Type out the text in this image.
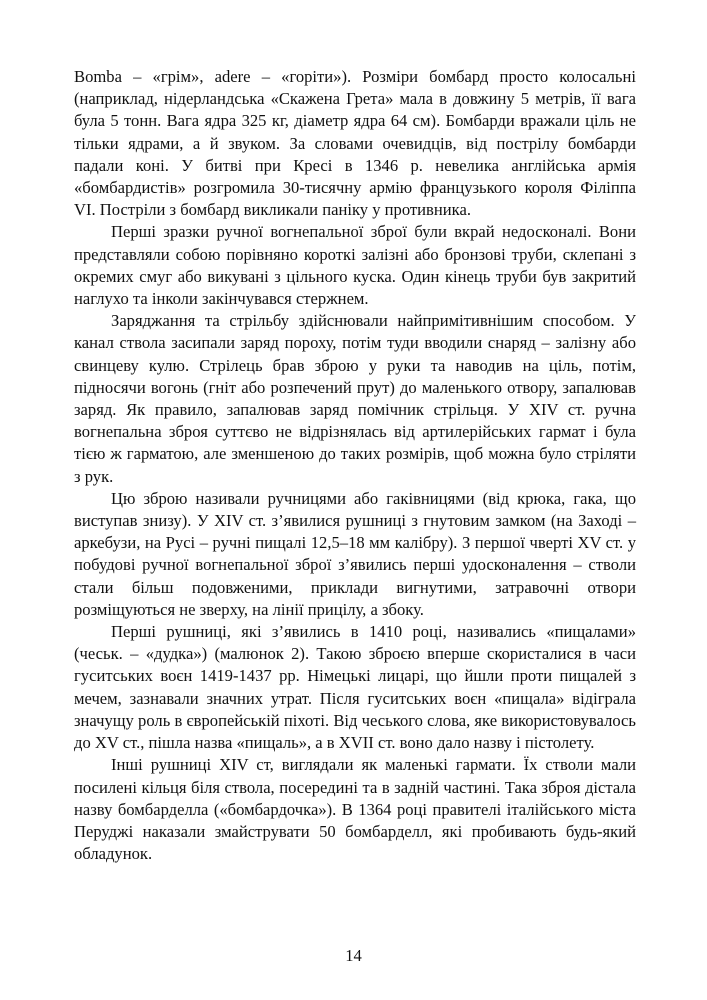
Bomba – «грім», adere – «горіти»). Розміри бомбард просто колосальні (наприклад, нідерландська «Скажена Грета» мала в довжину 5 метрів, її вага була 5 тонн. Вага ядра 325 кг, діаметр ядра 64 см). Бомбарди вражали ціль не тільки ядрами, а й звуком. За словами очевидців, від пострілу бомбарди падали коні. У битві при Кресі в 1346 р. невелика англійська армія «бомбардистів» розгромила 30-тисячну армію французького короля Філіппа VI. Постріли з бомбард викликали паніку у противника.

Перші зразки ручної вогнепальної зброї були вкрай недосконалі. Вони представляли собою порівняно короткі залізні або бронзові труби, склепані з окремих смуг або викувані з цільного куска. Один кінець труби був закритий наглухо та інколи закінчувався стержнем.

Заряджання та стрільбу здійснювали найпримітивнішим способом. У канал ствола засипали заряд пороху, потім туди вводили снаряд – залізну або свинцеву кулю. Стрілець брав зброю у руки та наводив на ціль, потім, підносячи вогонь (гніт або розпечений прут) до маленького отвору, запалював заряд. Як правило, запалював заряд помічник стрільця. У XIV ст. ручна вогнепальна зброя суттєво не відрізнялась від артилерійських гармат і була тією ж гарматою, але зменшеною до таких розмірів, щоб можна було стріляти з рук.

Цю зброю називали ручницями або гаківницями (від крюка, гака, що виступав знизу). У XIV ст. з’явилися рушниці з гнутовим замком (на Заході – аркебузи, на Русі – ручні пищалі 12,5–18 мм калібру). З першої чверті XV ст. у побудові ручної вогнепальної зброї з’явились перші удосконалення – стволи стали більш подовженими, приклади вигнутими, затравочні отвори розміщуються не зверху, на лінії прицілу, а збоку.

Перші рушниці, які з’явились в 1410 році, називались «пищалами» (чеськ. – «дудка») (малюнок 2). Такою зброєю вперше скористалися в часи гуситських воєн 1419-1437 рр. Німецькі лицарі, що йшли проти пищалей з мечем, зазнавали значних утрат. Після гуситських воєн «пищала» відіграла значущу роль в європейській піхоті. Від чеського слова, яке використовувалось до XV ст., пішла назва «пищаль», а в XVII ст. воно дало назву і пістолету.

Інші рушниці XIV ст, виглядали як маленькі гармати. Їх стволи мали посилені кільця біля ствола, посередині та в задній частині. Така зброя дістала назву бомбарделла («бомбардочка»). В 1364 році правителі італійського міста Перуджі наказали змайструвати 50 бомбарделл, які пробивають будь-який обладунок.

14
